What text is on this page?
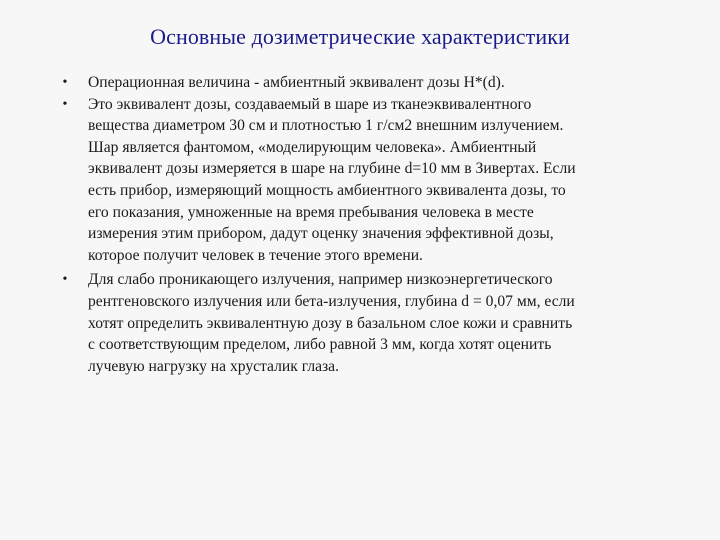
Основные дозиметрические характеристики
• Операционная величина - амбиентный эквивалент дозы H*(d).
• Это эквивалент дозы, создаваемый в шаре из тканеэквивалентного
вещества диаметром 30 см и плотностью 1 г/см2 внешним излучением.
Шар является фантомом, «моделирующим человека». Амбиентный
эквивалент дозы измеряется в шаре на глубине d=10 мм в Зивертах. Если
есть прибор, измеряющий мощность амбиентного эквивалента дозы, то
его показания, умноженные на время пребывания человека в месте
измерения этим прибором, дадут оценку значения эффективной дозы,
которое получит человек в течение этого времени.
• Для слабо проникающего излучения, например низкоэнергетического
рентгеновского излучения или бета-излучения, глубина d = 0,07 мм, если
хотят определить эквивалентную дозу в базальном слое кожи и сравнить
с соответствующим пределом, либо равной 3 мм, когда хотят оценить
лучевую нагрузку на хрусталик глаза.
